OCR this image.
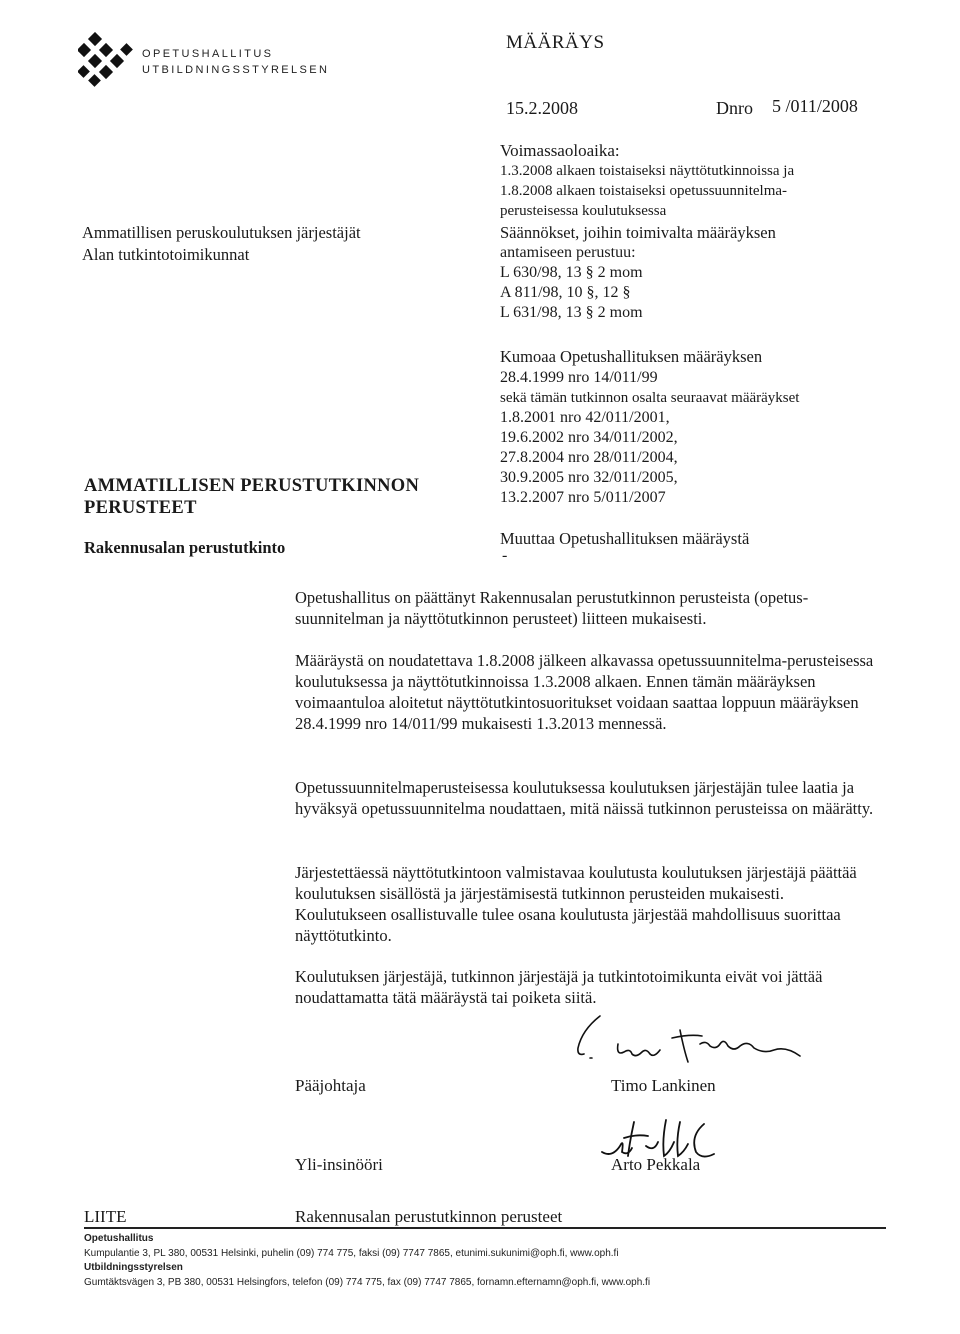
OPETUSHALLITUS
UTBILDNINGSSTYRELSEN
MÄÄRÄYS
15.2.2008	Dnro 5 /011/2008
Ammatillisen peruskoulutuksen järjestäjät
Alan tutkintotoimikunnat
Voimassaoloaika:
1.3.2008 alkaen toistaiseksi näyttötutkinnoissa ja
1.8.2008 alkaen toistaiseksi opetussuunnitelma-
perusteisessa koulutuksessa
Säännökset, joihin toimivalta määräyksen
antamiseen perustuu:
L 630/98, 13 § 2 mom
A 811/98, 10 §, 12 §
L 631/98, 13 § 2 mom
Kumoaa Opetushallituksen määräyksen
28.4.1999 nro 14/011/99
sekä tämän tutkinnon osalta seuraavat määräykset
1.8.2001 nro 42/011/2001,
19.6.2002 nro 34/011/2002,
27.8.2004 nro 28/011/2004,
30.9.2005 nro 32/011/2005,
13.2.2007 nro 5/011/2007
Muuttaa Opetushallituksen määräystä
-
AMMATILLISEN PERUSTUTKINNON
PERUSTEET
Rakennusalan perustutkinto

Opetushallitus on päättänyt Rakennusalan perustutkinnon perusteista (opetus-suunnitelman ja näyttötutkinnon perusteet) liitteen mukaisesti.

Määräystä on noudatettava 1.8.2008 jälkeen alkavassa opetussuunnitelma-perusteisessa koulutuksessa ja näyttötutkinnoissa 1.3.2008 alkaen. Ennen tämän määräyksen voimaantuloa aloitetut näyttötutkintosuoritukset voidaan saattaa loppuun määräyksen 28.4.1999 nro 14/011/99 mukaisesti 1.3.2013 mennessä.

Opetussuunnitelmaperusteisessa koulutuksessa koulutuksen järjestäjän tulee laatia ja hyväksyä opetussuunnitelma noudattaen, mitä näissä tutkinnon perusteissa on määrätty.

Järjestettäessä näyttötutkintoon valmistavaa koulutusta koulutuksen järjestäjä päättää koulutuksen sisällöstä ja järjestämisestä tutkinnon perusteiden mukaisesti. Koulutukseen osallistuvalle tulee osana koulutusta järjestää mahdollisuus suorittaa näyttötutkinto.

Koulutuksen järjestäjä, tutkinnon järjestäjä ja tutkintotoimikunta eivät voi jättää noudattamatta tätä määräystä tai poiketa siitä.

Pääjohtaja	Timo Lankinen
Yli-insinööri	Arto Pekkala
LIITE	Rakennusalan perustutkinnon perusteet
Opetushallitus
Kumpulantie 3, PL 380, 00531 Helsinki, puhelin (09) 774 775, faksi (09) 7747 7865, etunimi.sukunimi@oph.fi, www.oph.fi
Utbildningsstyrelsen
Gumtäktsvägen 3, PB 380, 00531 Helsingfors, telefon (09) 774 775, fax (09) 7747 7865, fornamn.efternamn@oph.fi, www.oph.fi
